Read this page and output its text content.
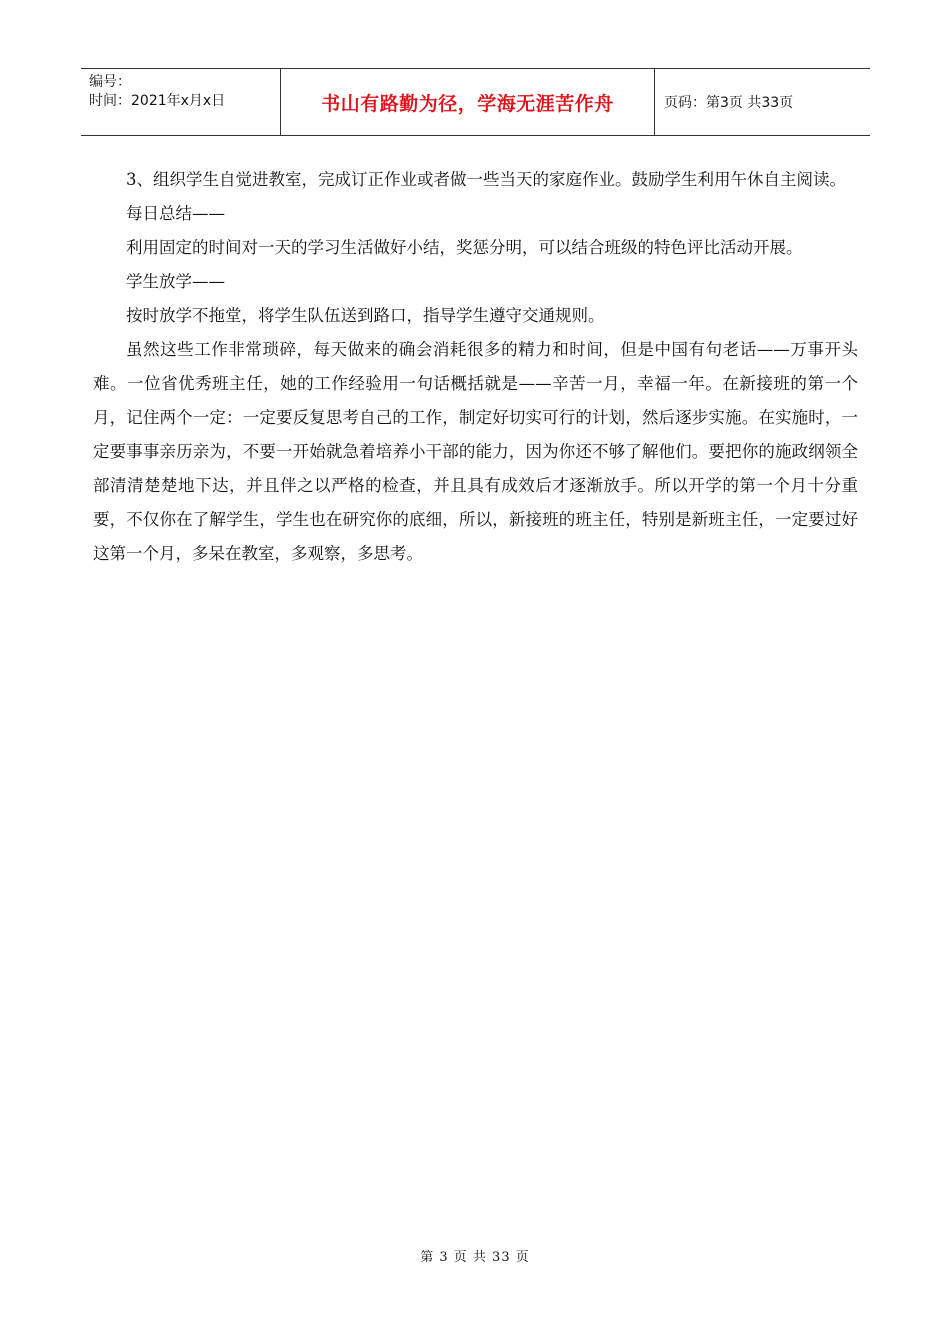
编号：
时间：2021年x月x日	书山有路勤为径，学海无涯苦作舟	页码：第3页 共33页

3、组织学生自觉进教室，完成订正作业或者做一些当天的家庭作业。鼓励学生利用午休自主阅读。

每日总结——

利用固定的时间对一天的学习生活做好小结，奖惩分明，可以结合班级的特色评比活动开展。

学生放学——

按时放学不拖堂，将学生队伍送到路口，指导学生遵守交通规则。

虽然这些工作非常琐碎，每天做来的确会消耗很多的精力和时间，但是中国有句老话——万事开头难。一位省优秀班主任，她的工作经验用一句话概括就是——辛苦一月，幸福一年。在新接班的第一个月，记住两个一定：一定要反复思考自己的工作，制定好切实可行的计划，然后逐步实施。在实施时，一定要事事亲历亲为，不要一开始就急着培养小干部的能力，因为你还不够了解他们。要把你的施政纲领全部清清楚楚地下达，并且伴之以严格的检查，并且具有成效后才逐渐放手。所以开学的第一个月十分重要，不仅你在了解学生，学生也在研究你的底细，所以，新接班的班主任，特别是新班主任，一定要过好这第一个月，多呆在教室，多观察，多思考。

第 3 页 共 33 页
